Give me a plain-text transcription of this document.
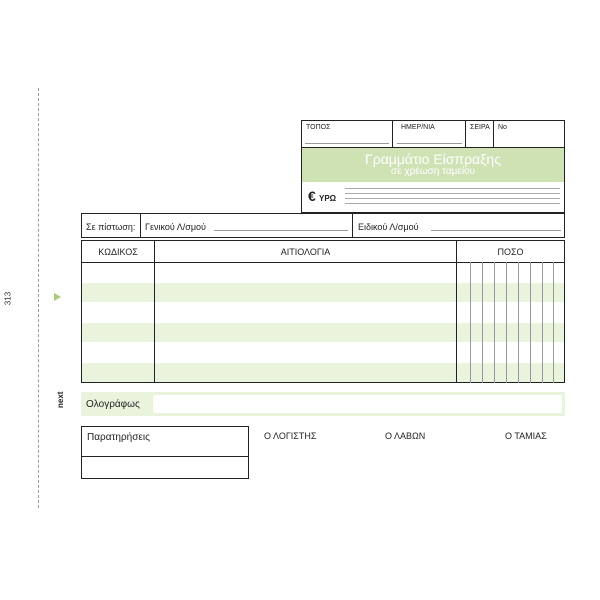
313
next
ΤΟΠΟΣ	ΗΜΕΡ/ΝΙΑ	ΣΕΙΡΑ No
Γραμμάτιο Είσπραξης
σε χρέωση ταμείου
€ ΥΡΩ
Σε πίστωση: Γενικού Λ/σμού	Ειδικού Λ/σμού
ΚΩΔΙΚΟΣ	ΑΙΤΙΟΛΟΓΙΑ	ΠΟΣΟ
Ολογράφως
Παρατηρήσεις	Ο ΛΟΓΙΣΤΗΣ	Ο ΛΑΒΩΝ	Ο ΤΑΜΙΑΣ
